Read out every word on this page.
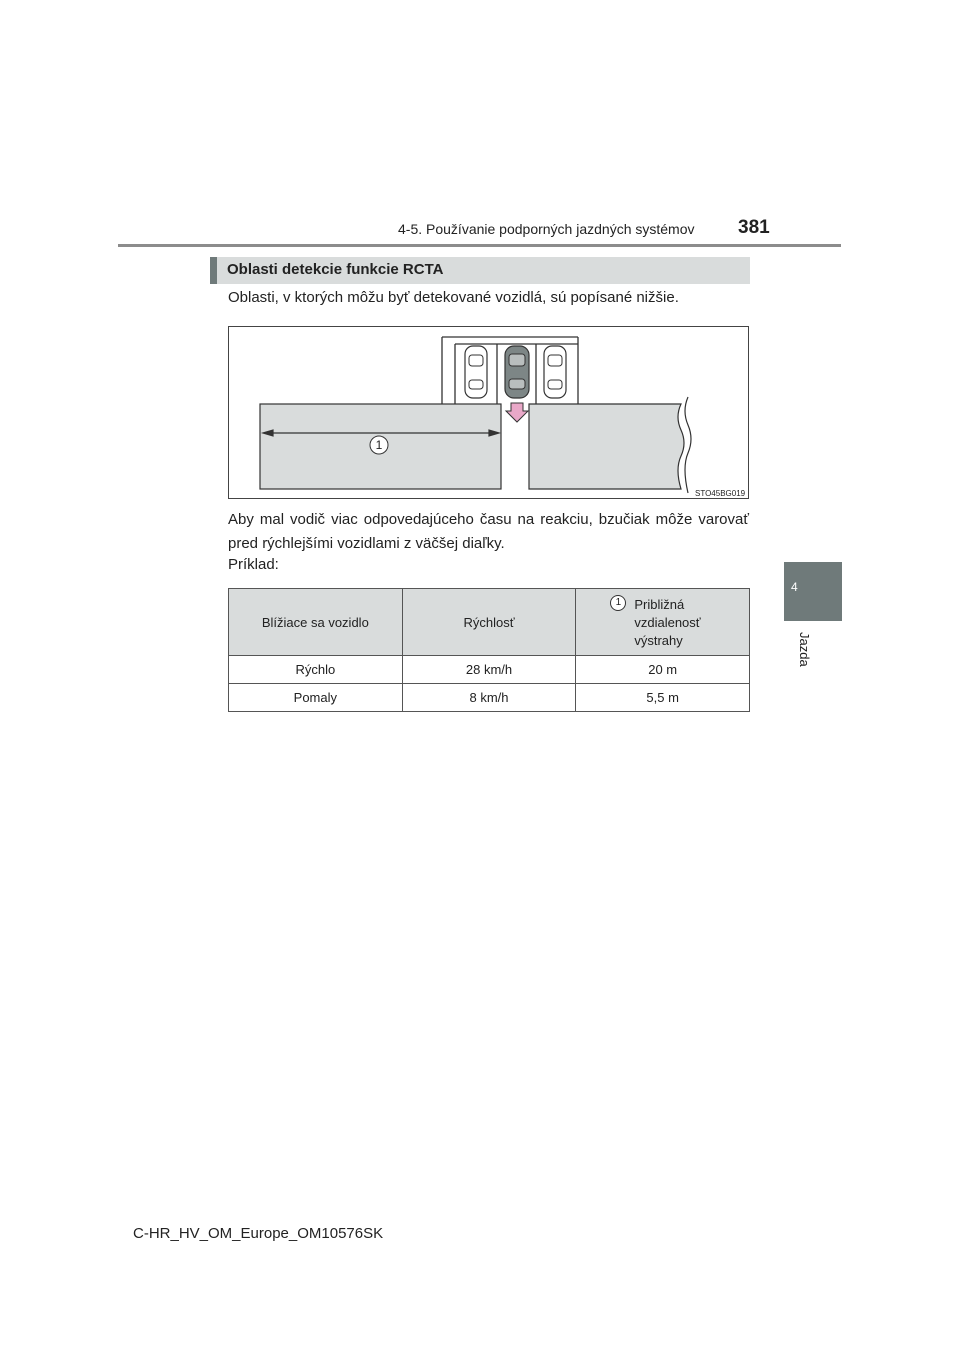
4-5. Používanie podporných jazdných systémov 381
4
Jazda
Oblasti detekcie funkcie RCTA
Oblasti, v ktorých môžu byť detekované vozidlá, sú popísané nižšie.
1
STO45BG019
Aby mal vodič viac odpovedajúceho času na reakciu, bzučiak môže varovať pred rýchlejšími vozidlami z väčšej diaľky.
Príklad:
Blížiace sa vozidlo	Rýchlosť	1 Približná
vzdialenosť
výstrahy

Rýchlo	28 km/h	20 m
Pomaly	8 km/h	5,5 m
C-HR_HV_OM_Europe_OM10576SK
